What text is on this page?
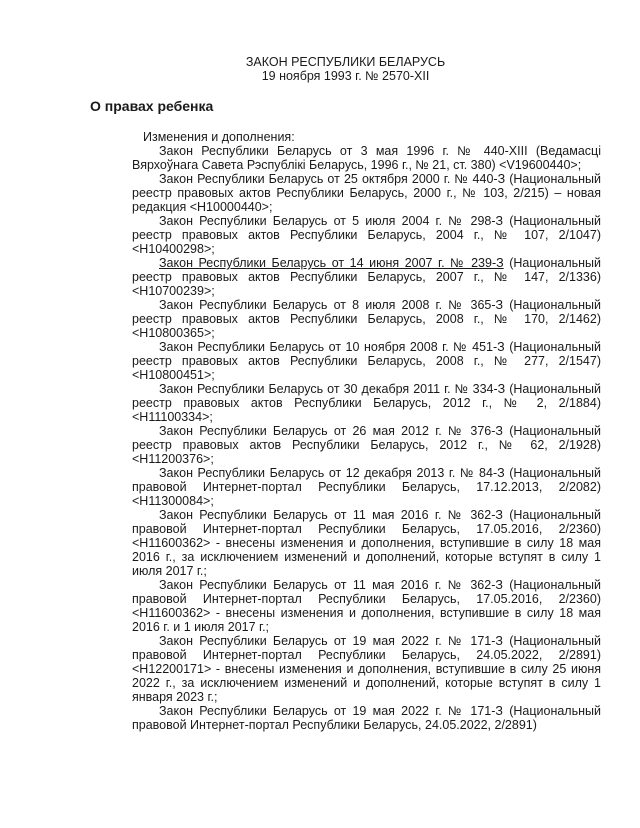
ЗАКОН РЕСПУБЛИКИ БЕЛАРУСЬ
19 ноября 1993 г. № 2570-XII
О правах ребенка

Изменения и дополнения:

Закон Республики Беларусь от 3 мая 1996 г. № 440-XIII (Ведамасці Вярхоўнага Савета Рэспублікі Беларусь, 1996 г., № 21, ст. 380) <V19600440>;

Закон Республики Беларусь от 25 октября 2000 г. № 440-З (Национальный реестр правовых актов Республики Беларусь, 2000 г., № 103, 2/215) – новая редакция <H10000440>;

Закон Республики Беларусь от 5 июля 2004 г. № 298-З (Национальный реестр правовых актов Республики Беларусь, 2004 г., № 107, 2/1047) <H10400298>;

Закон Республики Беларусь от 14 июня 2007 г. № 239-З (Национальный реестр правовых актов Республики Беларусь, 2007 г., № 147, 2/1336) <H10700239>;

Закон Республики Беларусь от 8 июля 2008 г. № 365-З (Национальный реестр правовых актов Республики Беларусь, 2008 г., № 170, 2/1462) <H10800365>;

Закон Республики Беларусь от 10 ноября 2008 г. № 451-З (Национальный реестр правовых актов Республики Беларусь, 2008 г., № 277, 2/1547) <H10800451>;

Закон Республики Беларусь от 30 декабря 2011 г. № 334-З (Национальный реестр правовых актов Республики Беларусь, 2012 г., № 2, 2/1884) <H11100334>;

Закон Республики Беларусь от 26 мая 2012 г. № 376-З (Национальный реестр правовых актов Республики Беларусь, 2012 г., № 62, 2/1928) <H11200376>;

Закон Республики Беларусь от 12 декабря 2013 г. № 84-З (Национальный правовой Интернет-портал Республики Беларусь, 17.12.2013, 2/2082) <H11300084>;

Закон Республики Беларусь от 11 мая 2016 г. № 362-З (Национальный правовой Интернет-портал Республики Беларусь, 17.05.2016, 2/2360) <H11600362> - внесены изменения и дополнения, вступившие в силу 18 мая 2016 г., за исключением изменений и дополнений, которые вступят в силу 1 июля 2017 г.;

Закон Республики Беларусь от 11 мая 2016 г. № 362-З (Национальный правовой Интернет-портал Республики Беларусь, 17.05.2016, 2/2360) <H11600362> - внесены изменения и дополнения, вступившие в силу 18 мая 2016 г. и 1 июля 2017 г.;

Закон Республики Беларусь от 19 мая 2022 г. № 171-З (Национальный правовой Интернет-портал Республики Беларусь, 24.05.2022, 2/2891) <H12200171> - внесены изменения и дополнения, вступившие в силу 25 июня 2022 г., за исключением изменений и дополнений, которые вступят в силу 1 января 2023 г.;

Закон Республики Беларусь от 19 мая 2022 г. № 171-З (Национальный правовой Интернет-портал Республики Беларусь, 24.05.2022, 2/2891)
